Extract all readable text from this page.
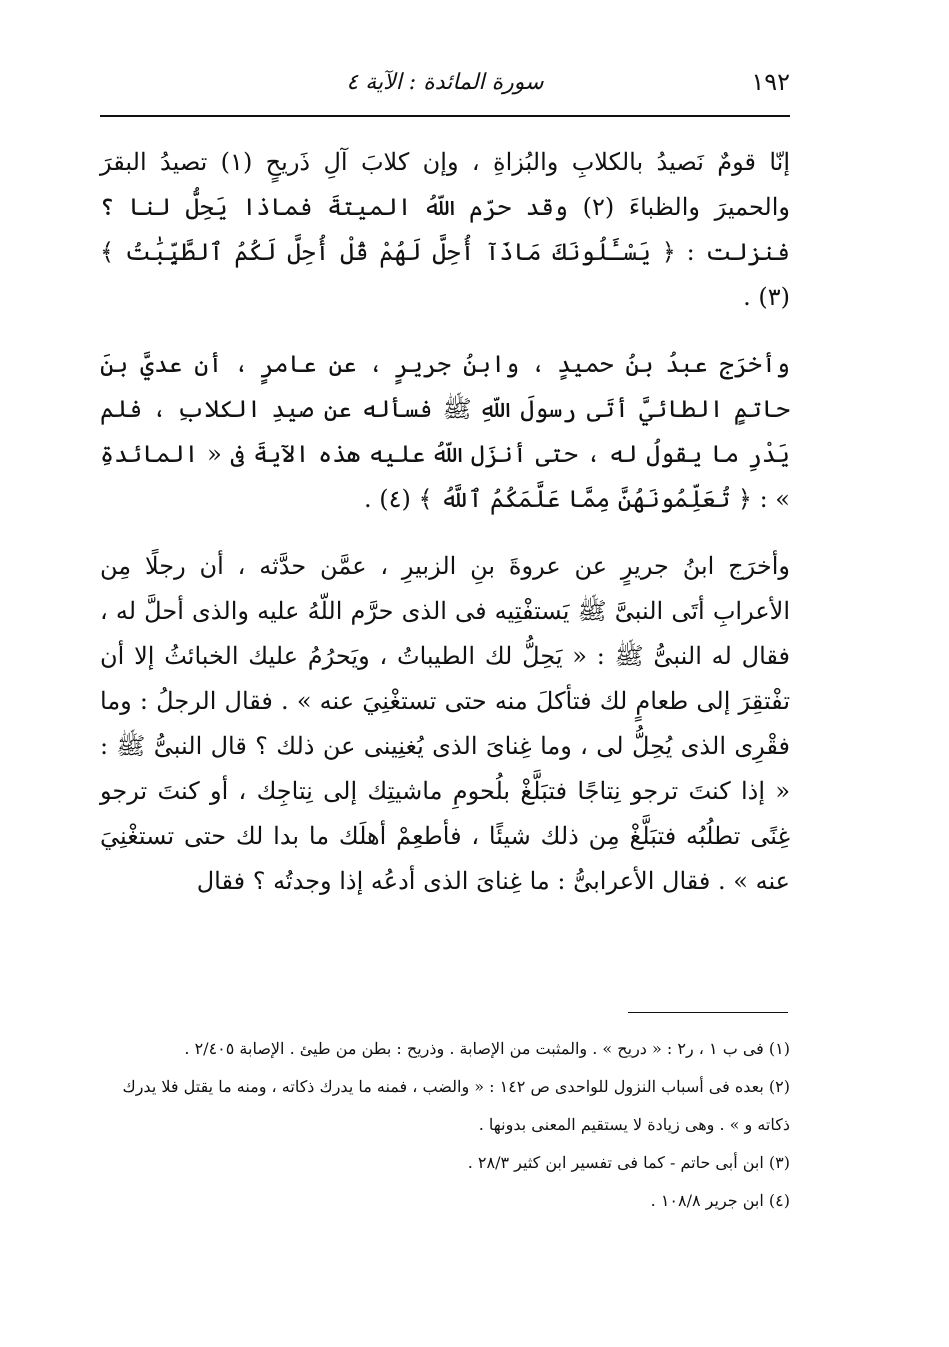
١٩٢
سورة المائدة : الآية ٤

إنّا قومٌ نَصيدُ بالكلابِ والبُزاةِ ، وإن كلابَ آلِ ذَريحٍ (١) تصيدُ البقرَ والحميرَ والظباءَ (٢) وقد حرّم اللّهُ الميتةَ فماذا يَحِلُّ لنا ؟ فنزلت : ﴿ يَسْـَٔلُونَكَ مَاذَآ أُحِلَّ لَهُمْ قُلْ أُحِلَّ لَكُمُ ٱلطَّيِّبَٰتُ ﴾ (٣) .

وأخرَج عبدُ بنُ حميدٍ ، وابنُ جريرٍ ، عن عامرٍ ، أن عديَّ بنَ حاتمٍ الطائيَّ أتَى رسولَ اللّهِ ﷺ فسأله عن صيدِ الكلابِ ، فلم يَدْرِ ما يقولُ له ، حتى أنزَل اللّهُ عليه هذه الآيةَ فى « المائدةِ » : ﴿ تُعَلِّمُونَهُنَّ مِمَّا عَلَّمَكُمُ ٱللَّهُ ﴾ (٤) .

وأخرَج ابنُ جريرٍ عن عروةَ بنِ الزبيرِ ، عمَّن حدَّثه ، أن رجلًا مِن الأعرابِ أتَى النبىَّ ﷺ يَستفْتِيه فى الذى حرَّم اللّهُ عليه والذى أحلَّ له ، فقال له النبىُّ ﷺ : « يَحِلُّ لك الطيباتُ ، ويَحرُمُ عليك الخبائثُ إلا أن تفْتقِرَ إلى طعامٍ لك فتأكلَ منه حتى تستغْنِيَ عنه » . فقال الرجلُ : وما فقْرِى الذى يُحِلُّ لى ، وما غِناىَ الذى يُغنِينى عن ذلك ؟ قال النبىُّ ﷺ : « إذا كنتَ ترجو نِتاجًا فتبَلَّغْ بلُحومِ ماشيتِك إلى نِتاجِك ، أو كنتَ ترجو غِنًى تطلُبُه فتبَلَّغْ مِن ذلك شيئًا ، فأطعِمْ أهلَك ما بدا لك حتى تستغْنِيَ عنه » . فقال الأعرابىُّ : ما غِناىَ الذى أدعُه إذا وجدتُه ؟ فقال

(١) فى ب ١ ، ر٢ : « دريح » . والمثبت من الإصابة . وذريح : بطن من طيئ . الإصابة ٢/٤٠٥ .

(٢) بعده فى أسباب النزول للواحدى ص ١٤٢ : « والضب ، فمنه ما يدرك ذكاته ، ومنه ما يقتل فلا يدرك ذكاته و » . وهى زيادة لا يستقيم المعنى بدونها .

(٣) ابن أبى حاتم - كما فى تفسير ابن كثير ٢٨/٣ .

(٤) ابن جرير ١٠٨/٨ .
